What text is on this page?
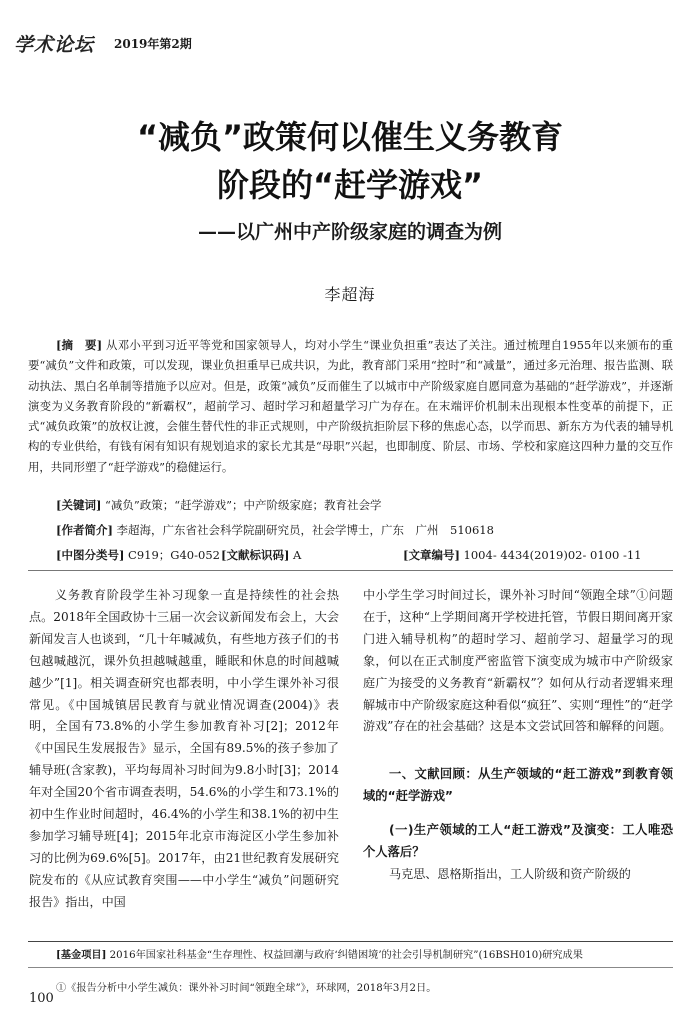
学术论坛 2019年第2期
“减负”政策何以催生义务教育
阶段的“赶学游戏”
——以广州中产阶级家庭的调查为例
李超海

[摘　要] 从邓小平到习近平等党和国家领导人，均对小学生“课业负担重”表达了关注。通过梳理自1955年以来颁布的重要“减负”文件和政策，可以发现，课业负担重早已成共识，为此，教育部门采用“控时”和“减量”，通过多元治理、报告监测、联动执法、黑白名单制等措施予以应对。但是，政策“减负”反而催生了以城市中产阶级家庭自愿同意为基础的“赶学游戏”，并逐渐演变为义务教育阶段的“新霸权”，超前学习、超时学习和超量学习广为存在。在末端评价机制未出现根本性变革的前提下，正式“减负政策”的放权让渡，会催生替代性的非正式规则，中产阶级抗拒阶层下移的焦虑心态，以学而思、新东方为代表的辅导机构的专业供给，有钱有闲有知识有规划追求的家长尤其是“母职”兴起，也即制度、阶层、市场、学校和家庭这四种力量的交互作用，共同形塑了“赶学游戏”的稳健运行。

[关键词] “减负”政策；“赶学游戏”；中产阶级家庭；教育社会学
[作者简介] 李超海，广东省社会科学院副研究员，社会学博士，广东　广州　510618
[中图分类号] C919；G40-052 [文献标识码] A	[文章编号] 1004- 4434(2019)02- 0100 -11

义务教育阶段学生补习现象一直是持续性的社会热点。2018年全国政协十三届一次会议新闻发布会上，大会新闻发言人也谈到，“几十年喊减负，有些地方孩子们的书包越喊越沉，课外负担越喊越重，睡眠和休息的时间越喊越少”[1]。相关调查研究也都表明，中小学生课外补习很常见。《中国城镇居民教育与就业情况调查(2004)》表明，全国有73.8%的小学生参加教育补习[2]；2012年《中国民生发展报告》显示，全国有89.5%的孩子参加了辅导班(含家教)，平均每周补习时间为9.8小时[3]；2014年对全国20个省市调查表明，54.6%的小学生和73.1%的初中生作业时间超时，46.4%的小学生和38.1%的初中生参加学习辅导班[4]；2015年北京市海淀区小学生参加补习的比例为69.6%[5]。2017年，由21世纪教育发展研究院发布的《从应试教育突围——中小学生“减负”问题研究报告》指出，中国

中小学生学习时间过长，课外补习时间“领跑全球”①问题在于，这种“上学期间离开学校进托管，节假日期间离开家门进入辅导机构”的超时学习、超前学习、超量学习的现象，何以在正式制度严密监管下演变成为城市中产阶级家庭广为接受的义务教育“新霸权”？如何从行动者逻辑来理解城市中产阶级家庭这种看似“疯狂”、实则“理性”的“赶学游戏”存在的社会基础？这是本文尝试回答和解释的问题。

一、文献回顾：从生产领域的“赶工游戏”到教育领域的“赶学游戏”

(一)生产领域的工人“赶工游戏”及演变：工人唯恐个人落后？

马克思、恩格斯指出，工人阶级和资产阶级的

[基金项目] 2016年国家社科基金“生存理性、权益回潮与政府‘纠错困境’的社会引导机制研究”(16BSH010)研究成果
①《报告分析中小学生减负：课外补习时间“领跑全球”》，环球网，2018年3月2日。
100
